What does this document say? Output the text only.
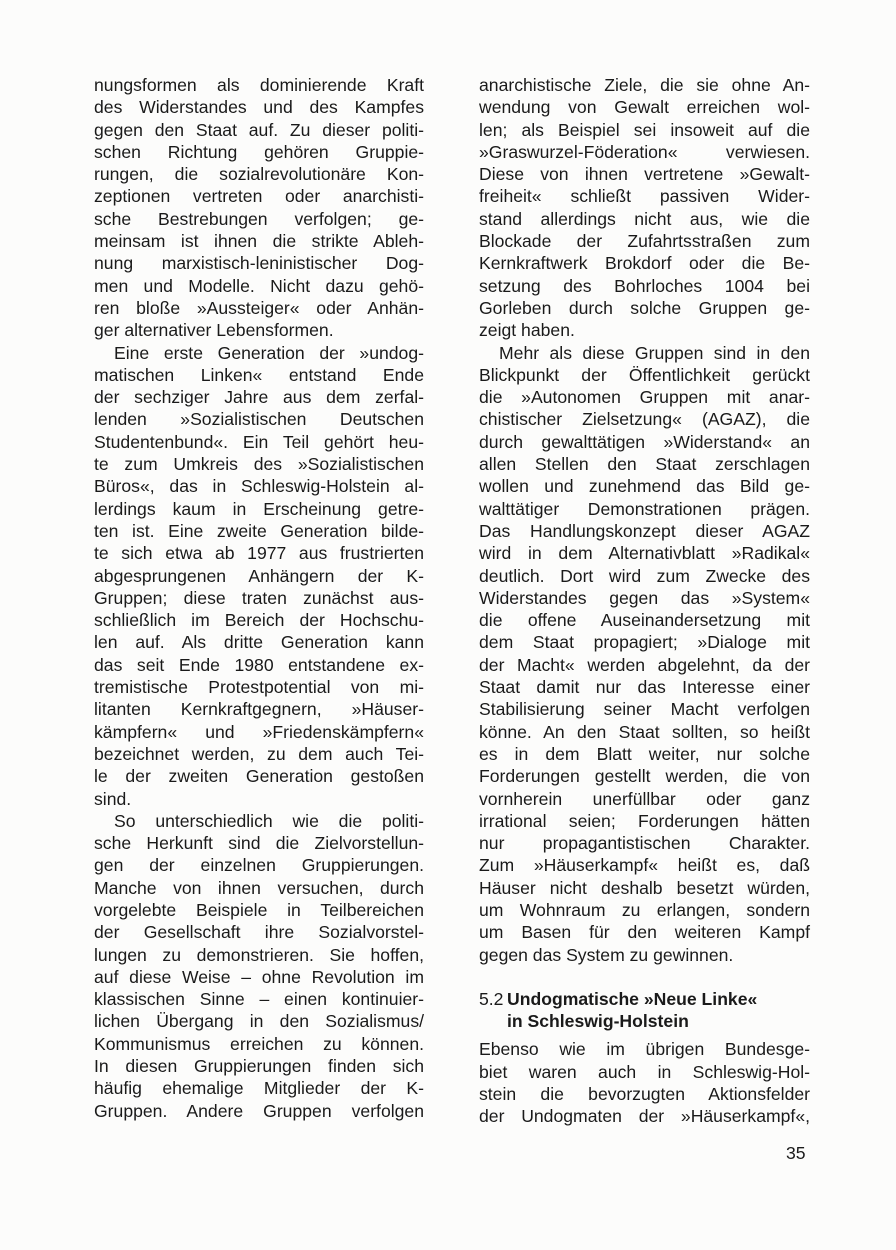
nungsformen als dominierende Kraft
des Widerstandes und des Kampfes
gegen den Staat auf. Zu dieser politi-
schen Richtung gehören Gruppie-
rungen, die sozialrevolutionäre Kon-
zeptionen vertreten oder anarchisti-
sche Bestrebungen verfolgen; ge-
meinsam ist ihnen die strikte Ableh-
nung marxistisch-leninistischer Dog-
men und Modelle. Nicht dazu gehö-
ren bloße »Aussteiger« oder Anhän-
ger alternativer Lebensformen.
Eine erste Generation der »undog-
matischen Linken« entstand Ende
der sechziger Jahre aus dem zerfal-
lenden »Sozialistischen Deutschen
Studentenbund«. Ein Teil gehört heu-
te zum Umkreis des »Sozialistischen
Büros«, das in Schleswig-Holstein al-
lerdings kaum in Erscheinung getre-
ten ist. Eine zweite Generation bilde-
te sich etwa ab 1977 aus frustrierten
abgesprungenen Anhängern der K-
Gruppen; diese traten zunächst aus-
schließlich im Bereich der Hochschu-
len auf. Als dritte Generation kann
das seit Ende 1980 entstandene ex-
tremistische Protestpotential von mi-
litanten Kernkraftgegnern, »Häuser-
kämpfern« und »Friedenskämpfern«
bezeichnet werden, zu dem auch Tei-
le der zweiten Generation gestoßen
sind.
So unterschiedlich wie die politi-
sche Herkunft sind die Zielvorstellun-
gen der einzelnen Gruppierungen.
Manche von ihnen versuchen, durch
vorgelebte Beispiele in Teilbereichen
der Gesellschaft ihre Sozialvorstel-
lungen zu demonstrieren. Sie hoffen,
auf diese Weise – ohne Revolution im
klassischen Sinne – einen kontinuier-
lichen Übergang in den Sozialismus/
Kommunismus erreichen zu können.
In diesen Gruppierungen finden sich
häufig ehemalige Mitglieder der K-
Gruppen. Andere Gruppen verfolgen
anarchistische Ziele, die sie ohne An-
wendung von Gewalt erreichen wol-
len; als Beispiel sei insoweit auf die
»Graswurzel-Föderation« verwiesen.
Diese von ihnen vertretene »Gewalt-
freiheit« schließt passiven Wider-
stand allerdings nicht aus, wie die
Blockade der Zufahrtsstraßen zum
Kernkraftwerk Brokdorf oder die Be-
setzung des Bohrloches 1004 bei
Gorleben durch solche Gruppen ge-
zeigt haben.
Mehr als diese Gruppen sind in den
Blickpunkt der Öffentlichkeit gerückt
die »Autonomen Gruppen mit anar-
chistischer Zielsetzung« (AGAZ), die
durch gewalttätigen »Widerstand« an
allen Stellen den Staat zerschlagen
wollen und zunehmend das Bild ge-
walttätiger Demonstrationen prägen.
Das Handlungskonzept dieser AGAZ
wird in dem Alternativblatt »Radikal«
deutlich. Dort wird zum Zwecke des
Widerstandes gegen das »System«
die offene Auseinandersetzung mit
dem Staat propagiert; »Dialoge mit
der Macht« werden abgelehnt, da der
Staat damit nur das Interesse einer
Stabilisierung seiner Macht verfolgen
könne. An den Staat sollten, so heißt
es in dem Blatt weiter, nur solche
Forderungen gestellt werden, die von
vornherein unerfüllbar oder ganz
irrational seien; Forderungen hätten
nur propagantistischen Charakter.
Zum »Häuserkampf« heißt es, daß
Häuser nicht deshalb besetzt würden,
um Wohnraum zu erlangen, sondern
um Basen für den weiteren Kampf
gegen das System zu gewinnen.
5.2 Undogmatische »Neue Linke«
in Schleswig-Holstein
Ebenso wie im übrigen Bundesge-
biet waren auch in Schleswig-Hol-
stein die bevorzugten Aktionsfelder
der Undogmaten der »Häuserkampf«,
35
